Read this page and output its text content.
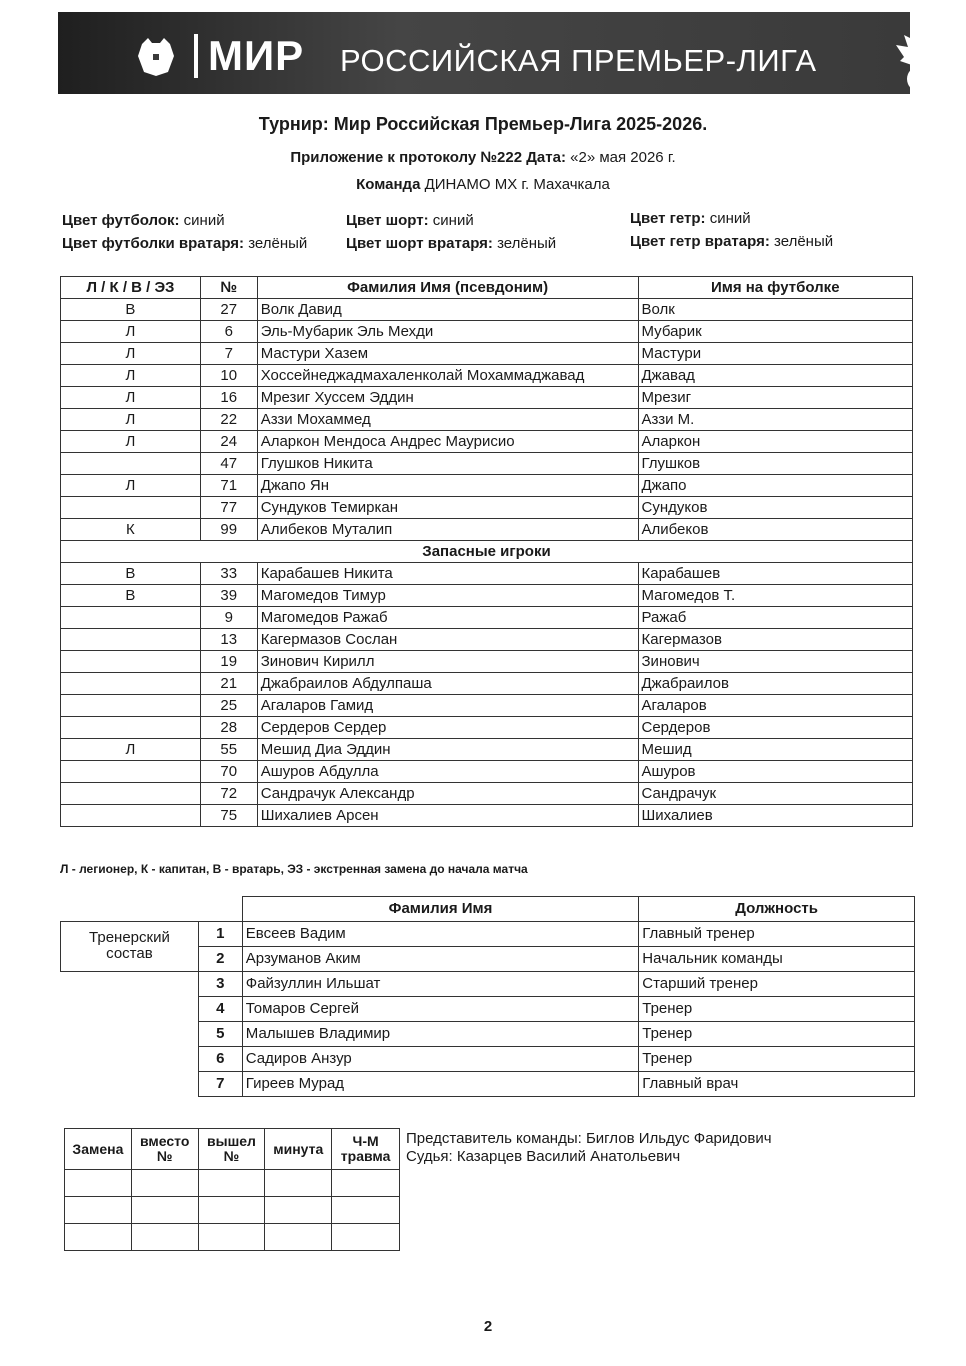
МИР РОССИЙСКАЯ ПРЕМЬЕР-ЛИГА
Турнир: Мир Российская Премьер-Лига 2025-2026.
Приложение к протоколу №222 Дата: «2» мая 2026 г.
Команда ДИНАМО МХ г. Махачкала
Цвет футболок: синий
Цвет футболки вратаря: зелёный
Цвет шорт: синий
Цвет шорт вратаря: зелёный
Цвет гетр: синий
Цвет гетр вратаря: зелёный
Л / К / В / ЭЗ	№	Фамилия Имя (псевдоним)	Имя на футболке
В	27	Волк Давид	Волк
Л	6	Эль-Мубарик Эль Мехди	Мубарик
Л	7	Мастури Хазем	Мастури
Л	10	Хоссейнеджадмахаленколай Мохаммаджавад	Джавад
Л	16	Мрезиг Хуссем Эддин	Мрезиг
Л	22	Аззи Мохаммед	Аззи М.
Л	24	Аларкон Мендоса Андрес Маурисио	Аларкон
	47	Глушков Никита	Глушков
Л	71	Джапо Ян	Джапо
	77	Сундуков Темиркан	Сундуков
К	99	Алибеков Муталип	Алибеков
Запасные игроки			
В	33	Карабашев Никита	Карабашев
В	39	Магомедов Тимур	Магомедов Т.
	9	Магомедов Ражаб	Ражаб
	13	Кагермазов Сослан	Кагермазов
	19	Зинович Кирилл	Зинович
	21	Джабраилов Абдулпаша	Джабраилов
	25	Агаларов Гамид	Агаларов
	28	Сердеров Сердер	Сердеров
Л	55	Мешид Диа Эддин	Мешид
	70	Ашуров Абдулла	Ашуров
	72	Сандрачук Александр	Сандрачук
	75	Шихалиев Арсен	Шихалиев
Л - легионер, К - капитан, В - вратарь, ЭЗ - экстренная замена до начала матча
		Фамилия Имя	Должность
Тренерский состав	1	Евсеев Вадим	Главный тренер
	2	Арзуманов Аким	Начальник команды
	3	Файзуллин Ильшат	Старший тренер
	4	Томаров Сергей	Тренер
	5	Малышев Владимир	Тренер
	6	Садиров Анзур	Тренер
	7	Гиреев Мурад	Главный врач
Замена	вместо №	вышел №	минута	Ч-М травма

Представитель команды: Биглов Ильдус Фаридович
Судья: Казарцев Василий Анатольевич
2
